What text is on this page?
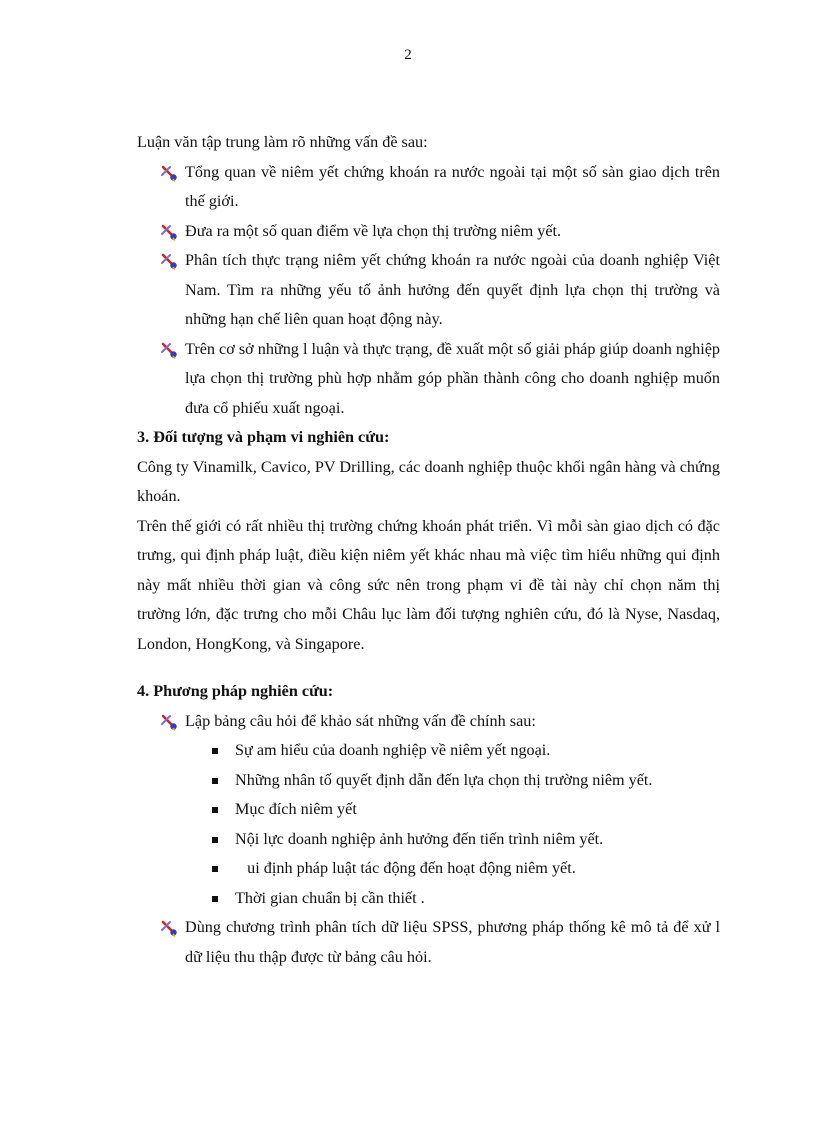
2

Luận văn tập trung làm rõ những vấn đề sau:

Tổng quan về niêm yết chứng khoán ra nước ngoài tại một số sàn giao dịch trên thế giới.
Đưa ra một số quan điểm về lựa chọn thị trường niêm yết.
Phân tích thực trạng niêm yết chứng khoán ra nước ngoài của doanh nghiệp Việt Nam. Tìm ra những yếu tố ảnh hưởng đến quyết định lựa chọn thị trường và những hạn chế liên quan hoạt động này.
Trên cơ sở những l luận và thực trạng, đề xuất một số giải pháp giúp doanh nghiệp lựa chọn thị trường phù hợp nhằm góp phần thành công cho doanh nghiệp muốn đưa cổ phiếu xuất ngoại.

3. Đối tượng và phạm vi nghiên cứu:

Công ty Vinamilk, Cavico, PV Drilling, các doanh nghiệp thuộc khối ngân hàng và chứng khoán.

Trên thế giới có rất nhiều thị trường chứng khoán phát triển. Vì mỗi sàn giao dịch có đặc trưng, qui định pháp luật, điều kiện niêm yết khác nhau mà việc tìm hiểu những qui định này mất nhiều thời gian và công sức nên trong phạm vi đề tài này chỉ chọn năm thị trường lớn, đặc trưng cho mỗi Châu lục làm đối tượng nghiên cứu, đó là Nyse, Nasdaq, London, HongKong, và Singapore.

4. Phương pháp nghiên cứu:

Lập bảng câu hỏi để khảo sát những vấn đề chính sau:
Sự am hiểu của doanh nghiệp về niêm yết ngoại.
Những nhân tố quyết định dẫn đến lựa chọn thị trường niêm yết.
Mục đích niêm yết
Nội lực doanh nghiệp ảnh hưởng đến tiến trình niêm yết.
ui định pháp luật tác động đến hoạt động niêm yết.
Thời gian chuẩn bị cần thiết .
Dùng chương trình phân tích dữ liệu SPSS, phương pháp thống kê mô tả để xử l dữ liệu thu thập được từ bảng câu hỏi.
